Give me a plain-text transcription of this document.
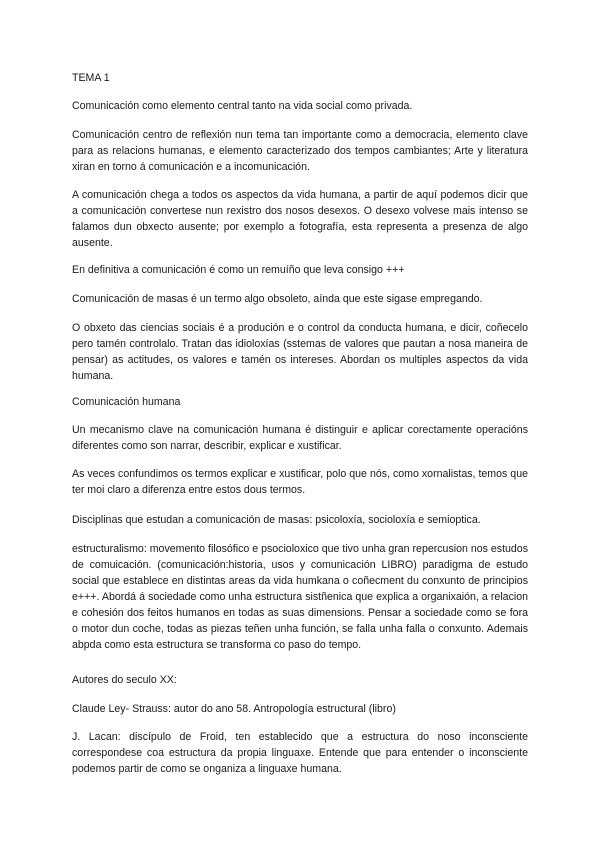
TEMA 1

Comunicación como elemento central tanto na vida social como privada.

Comunicación centro de reflexión nun tema tan importante como a democracia, elemento clave para as relacions humanas, e elemento caracterizado dos tempos cambiantes; Arte y literatura xiran en torno á comunicación e a incomunicación.

A comunicación chega a todos os aspectos da vida humana, a partir de aquí podemos dicir que a comunicación convertese nun rexistro dos nosos desexos. O desexo volvese mais intenso se falamos dun obxecto ausente; por exemplo a fotografía, esta representa a presenza de algo ausente.

En definitiva a comunicación é como un remuíño que leva consigo +++

Comunicación de masas é un termo algo obsoleto, aínda que este sigase empregando.

O obxeto das ciencias sociais é a produción e o control da conducta humana, e dicir, coñecelo pero tamén controlalo. Tratan das idioloxías (sstemas de valores que pautan a nosa maneira de pensar) as actitudes, os valores e tamén os intereses. Abordan os multiples aspectos da vida humana.

Comunicación humana

Un mecanismo clave na comunicación humana é distinguir e aplicar corectamente operacións diferentes como son narrar, describir, explicar e xustificar.

As veces confundimos os termos explicar e xustificar, polo que nós, como xornalistas, temos que ter moi claro a diferenza entre estos dous termos.

Disciplinas que estudan a comunicación de masas: psicoloxía, socioloxía e semioptica.

estructuralismo: movemento filosófico e psocioloxico que tivo unha gran repercusion nos estudos de comuicación. (comunicación:historia, usos y comunicación LIBRO) paradigma de estudo social que establece en distintas areas da vida humkana o coñecment du conxunto de principios e+++. Abordá á sociedade como unha estructura sistñenica que explica a organixaión, a relacion e cohesión dos feitos humanos en todas as suas dimensions. Pensar a sociedade como se fora o motor dun coche, todas as piezas teñen unha función, se falla unha falla o conxunto. Ademais abpda como esta estructura se transforma co paso do tempo.

Autores do seculo XX:

Claude Ley- Strauss: autor do ano 58. Antropología estructural (libro)

J. Lacan: discípulo de Froid, ten establecido que a estructura do noso inconsciente correspondese coa estructura da propia linguaxe. Entende que para entender o inconsciente podemos partir de como se onganiza a linguaxe humana.
